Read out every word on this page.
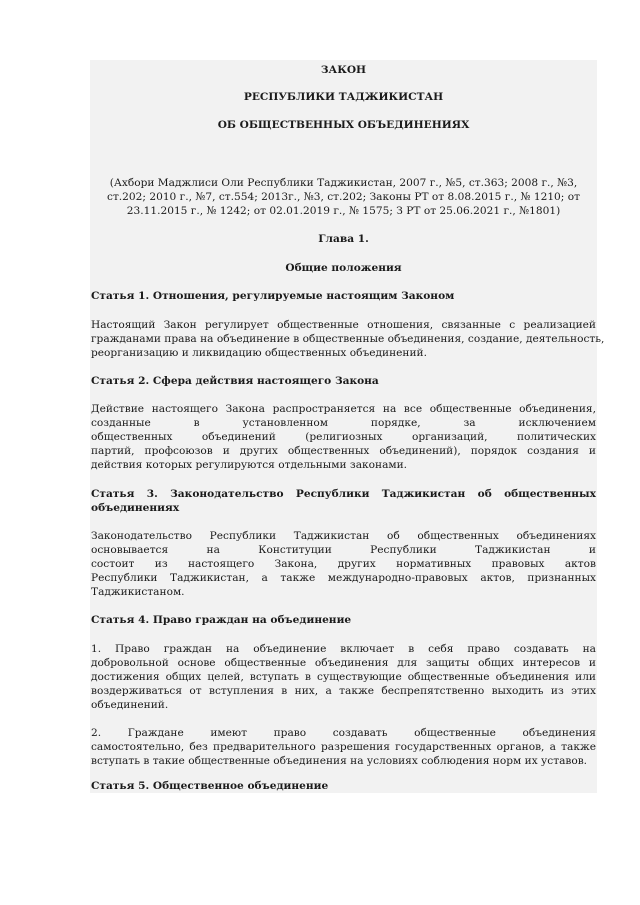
ЗАКОН
РЕСПУБЛИКИ ТАДЖИКИСТАН
ОБ ОБЩЕСТВЕННЫХ ОБЪЕДИНЕНИЯХ
(Ахбори Маджлиси Оли Республики Таджикистан, 2007 г., №5, ст.363; 2008 г., №3,
ст.202; 2010 г., №7, ст.554; 2013г., №3, ст.202; Законы РТ от 8.08.2015 г., № 1210; от
23.11.2015 г., № 1242; от 02.01.2019 г., № 1575; З РТ от 25.06.2021 г., №1801)
Глава 1.
Общие положения
Статья 1. Отношения, регулируемые настоящим Законом
Настоящий Закон регулирует общественные отношения, связанные с реализацией
гражданами права на объединение в общественные объединения, создание, деятельность,
реорганизацию и ликвидацию общественных объединений.
Статья 2. Сфера действия настоящего Закона
Действие настоящего Закона распространяется на все общественные объединения,
созданные в установленном порядке, за исключением
общественных объединений (религиозных организаций, политических
партий, профсоюзов и других общественных объединений), порядок создания и
действия которых регулируются отдельными законами.
Статья 3. Законодательство Республики Таджикистан об общественных
объединениях
Законодательство Республики Таджикистан об общественных объединениях
основывается на Конституции Республики Таджикистан и
состоит из настоящего Закона, других нормативных правовых актов
Республики Таджикистан, а также международно-правовых актов, признанных
Таджикистаном.
Статья 4. Право граждан на объединение
1. Право граждан на объединение включает в себя право создавать на
добровольной основе общественные объединения для защиты общих интересов и
достижения общих целей, вступать в существующие общественные объединения или
воздерживаться от вступления в них, а также беспрепятственно выходить из этих
объединений.
2. Граждане имеют право создавать общественные объединения
самостоятельно, без предварительного разрешения государственных органов, а также
вступать в такие общественные объединения на условиях соблюдения норм их уставов.
Статья 5. Общественное объединение
